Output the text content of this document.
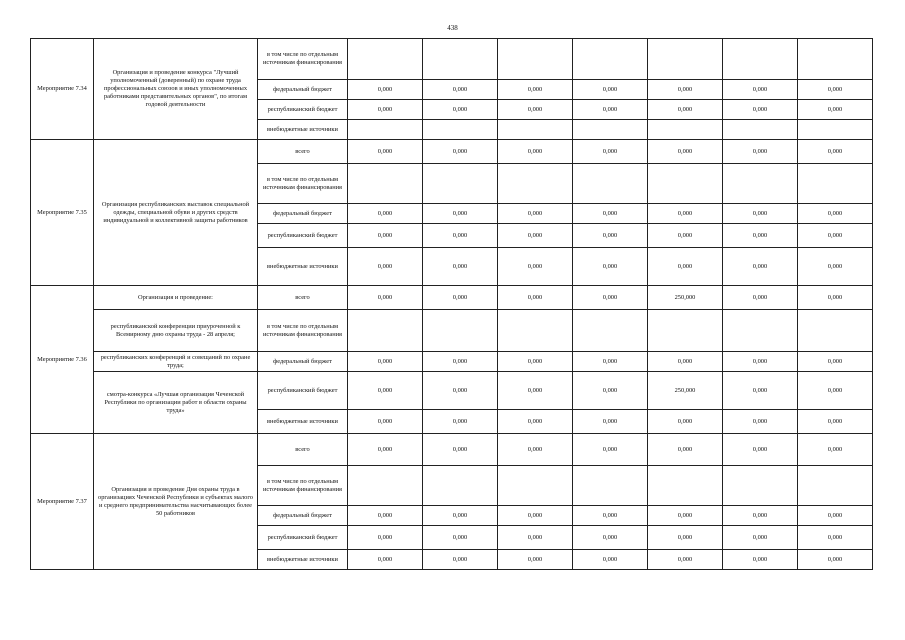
438
Мероприятие 7.34	Организация и проведение конкурса "Лучший уполномоченный (доверенный) по охране труда профессиональных союзов и иных уполномоченных работниками представительных органов", по итогам годовой деятельности	в том числе по отдельным источникам финансирования							
		федеральный бюджет	0,000	0,000	0,000	0,000	0,000	0,000	0,000
		республиканский бюджет	0,000	0,000	0,000	0,000	0,000	0,000	0,000
		внебюджетные источники							
Мероприятие 7.35	Организация республиканских выставок специальной одежды, специальной обуви и других средств индивидуальной и коллективной защиты работников	всего	0,000	0,000	0,000	0,000	0,000	0,000	0,000
		в том числе по отдельным источникам финансирования							
		федеральный бюджет	0,000	0,000	0,000	0,000	0,000	0,000	0,000
		республиканский бюджет	0,000	0,000	0,000	0,000	0,000	0,000	0,000
		внебюджетные источники	0,000	0,000	0,000	0,000	0,000	0,000	0,000
Мероприятие 7.36	Организация и проведение:	всего	0,000	0,000	0,000	0,000	250,000	0,000	0,000
	республиканской конференции приуроченной к Всемирному дню охраны труда - 28 апреля;	в том числе по отдельным источникам финансирования							
	республиканских конференций и совещаний по охране труда;	федеральный бюджет	0,000	0,000	0,000	0,000	0,000	0,000	0,000
	смотра-конкурса «Лучшая организация Чеченской Республики по организации работ в области охраны труда»	республиканский бюджет	0,000	0,000	0,000	0,000	250,000	0,000	0,000
		внебюджетные источники	0,000	0,000	0,000	0,000	0,000	0,000	0,000
Мероприятие 7.37	Организация и проведение Дня охраны труда в организациях Чеченской Республики и субъектах малого и среднего предпринимательства насчитывающих более 50 работников	всего	0,000	0,000	0,000	0,000	0,000	0,000	0,000
		в том числе по отдельным источникам финансирования							
		федеральный бюджет	0,000	0,000	0,000	0,000	0,000	0,000	0,000
		республиканский бюджет	0,000	0,000	0,000	0,000	0,000	0,000	0,000
		внебюджетные источники	0,000	0,000	0,000	0,000	0,000	0,000	0,000
